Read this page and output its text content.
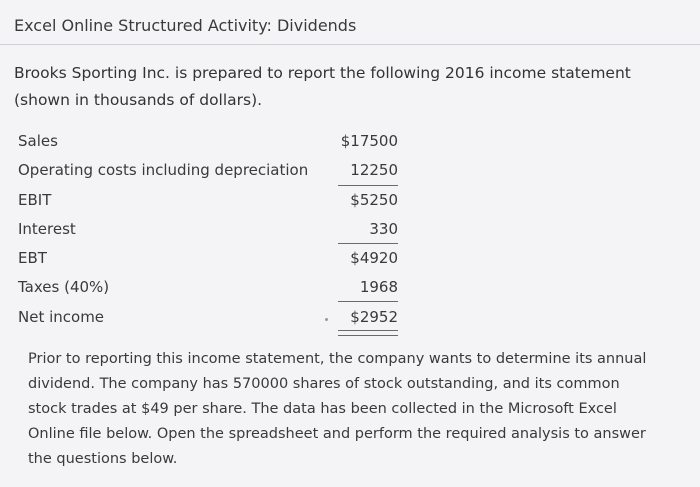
Excel Online Structured Activity: Dividends
Brooks Sporting Inc. is prepared to report the following 2016 income statement (shown in thousands of dollars).
Sales	$17500
Operating costs including depreciation	12250
EBIT	$5250
Interest	330
EBT	$4920
Taxes (40%)	1968
Net income	$2952
Prior to reporting this income statement, the company wants to determine its annual dividend. The company has 570000 shares of stock outstanding, and its common stock trades at $49 per share. The data has been collected in the Microsoft Excel Online file below. Open the spreadsheet and perform the required analysis to answer the questions below.
